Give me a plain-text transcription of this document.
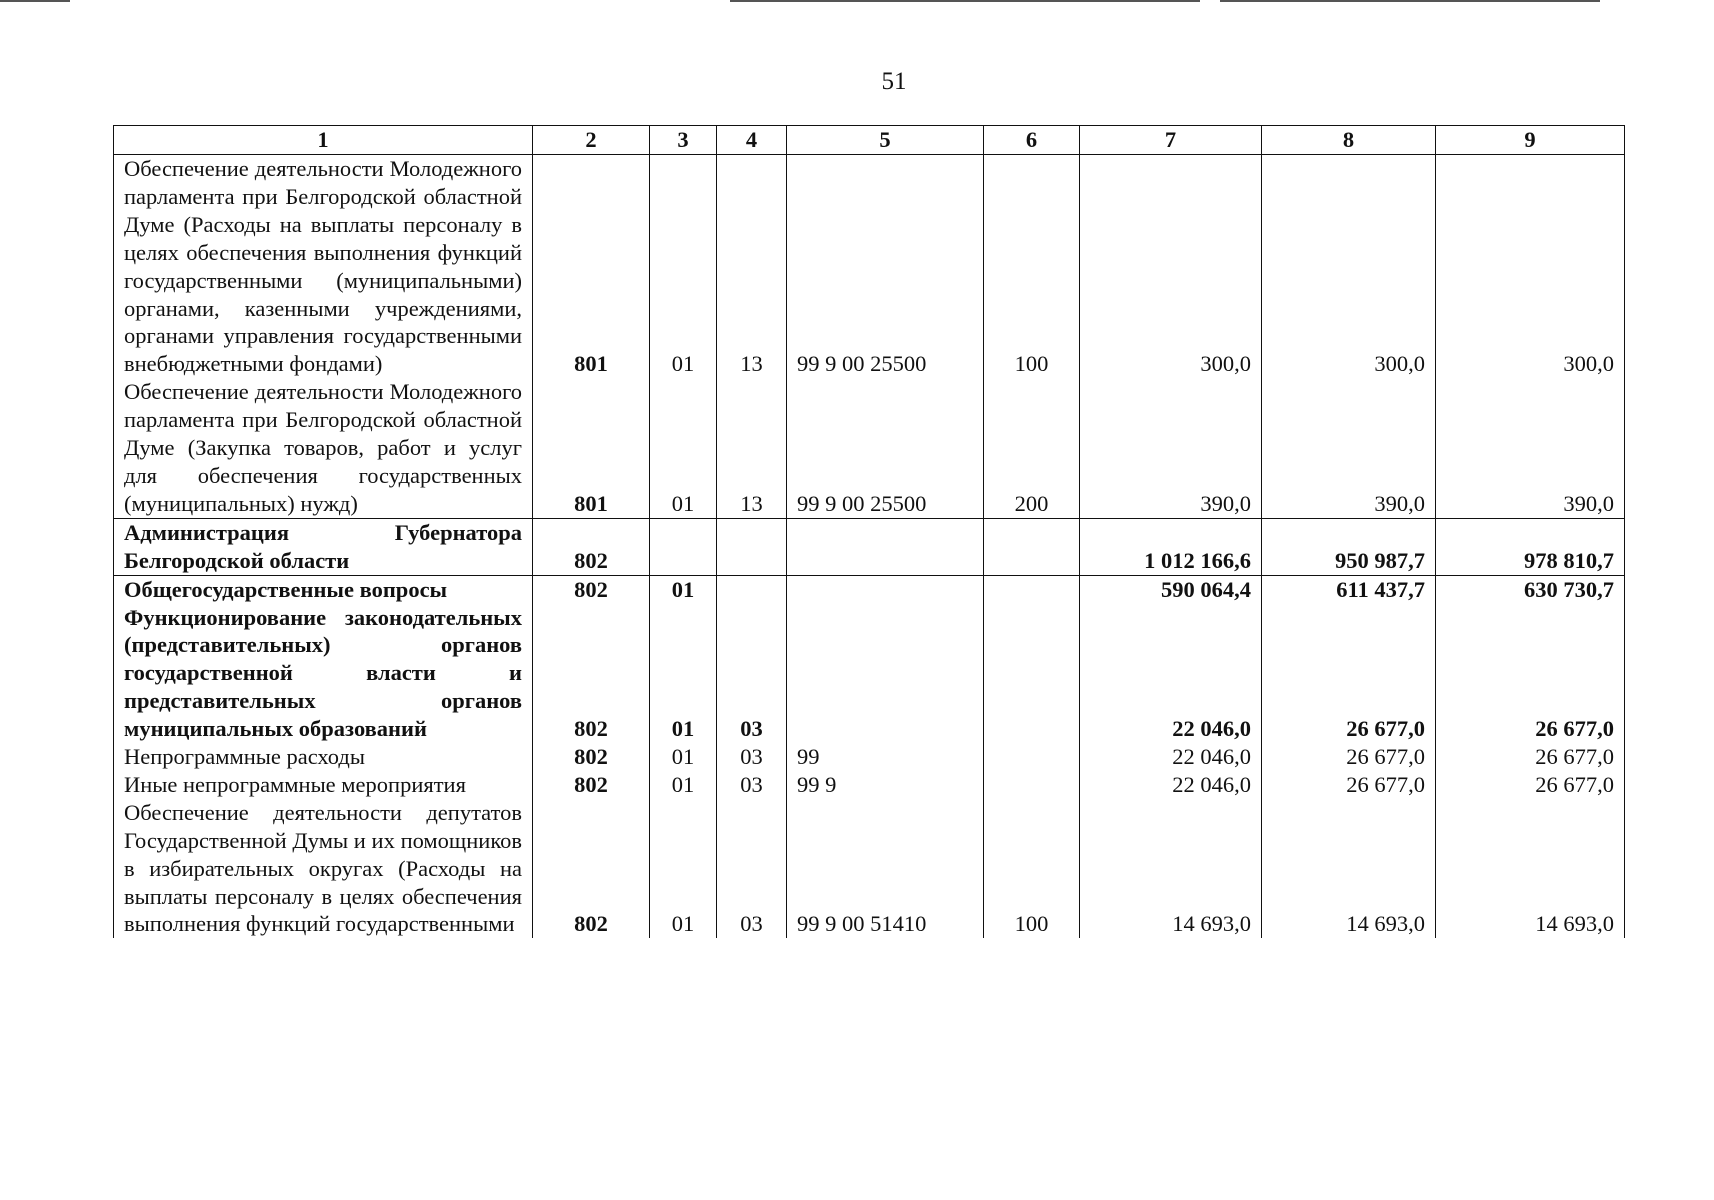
51
1	2	3	4	5	6	7	8	9
Обеспечение деятельности Молодежного парламента при Белгородской областной Думе (Расходы на выплаты персоналу в целях обеспечения выполнения функций государственными (муниципальными) органами, казенными учреждениями, органами управления государственными внебюджетными фондами)	801	01	13	99 9 00 25500	100	300,0	300,0	300,0
Обеспечение деятельности Молодежного парламента при Белгородской областной Думе (Закупка товаров, работ и услуг для обеспечения государственных (муниципальных) нужд)	801	01	13	99 9 00 25500	200	390,0	390,0	390,0
Администрация Губернатора Белгородской области	802					1 012 166,6	950 987,7	978 810,7
Общегосударственные вопросы	802	01				590 064,4	611 437,7	630 730,7
Функционирование законодательных (представительных) органов государственной власти и представительных органов муниципальных образований	802	01	03			22 046,0	26 677,0	26 677,0
Непрограммные расходы	802	01	03	99		22 046,0	26 677,0	26 677,0
Иные непрограммные мероприятия	802	01	03	99 9		22 046,0	26 677,0	26 677,0
Обеспечение деятельности депутатов Государственной Думы и их помощников в избирательных округах (Расходы на выплаты персоналу в целях обеспечения выполнения функций государственными	802	01	03	99 9 00 51410	100	14 693,0	14 693,0	14 693,0
